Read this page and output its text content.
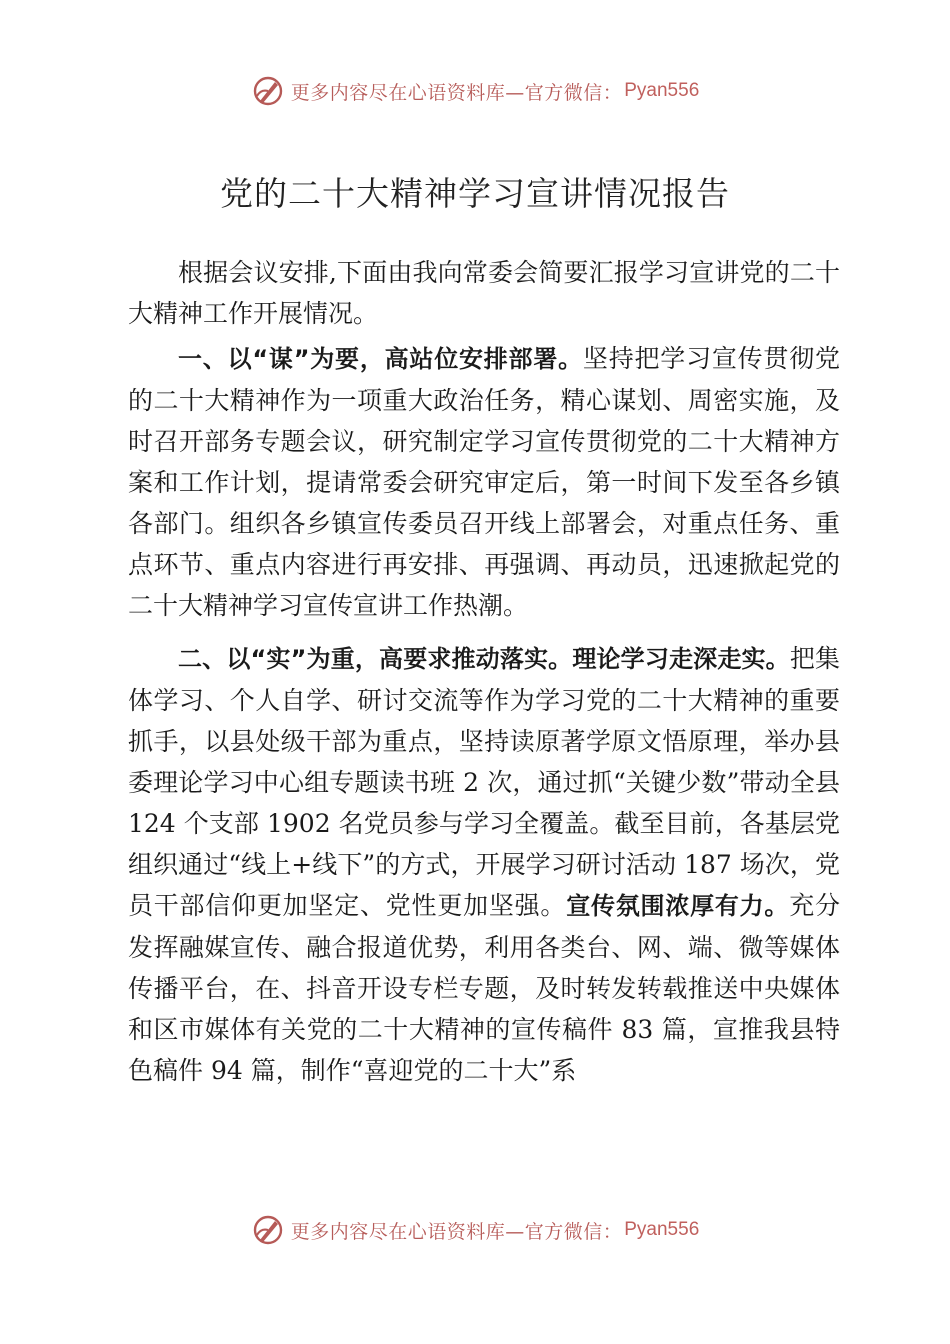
更多内容尽在心语资料库—官方微信： Pyan556
党的二十大精神学习宣讲情况报告

根据会议安排,下面由我向常委会简要汇报学习宣讲党的二十大精神工作开展情况。

一、以“谋”为要，高站位安排部署。坚持把学习宣传贯彻党的二十大精神作为一项重大政治任务，精心谋划、周密实施，及时召开部务专题会议，研究制定学习宣传贯彻党的二十大精神方案和工作计划，提请常委会研究审定后，第一时间下发至各乡镇各部门。组织各乡镇宣传委员召开线上部署会，对重点任务、重点环节、重点内容进行再安排、再强调、再动员，迅速掀起党的二十大精神学习宣传宣讲工作热潮。

二、以“实”为重，高要求推动落实。理论学习走深走实。把集体学习、个人自学、研讨交流等作为学习党的二十大精神的重要抓手，以县处级干部为重点，坚持读原著学原文悟原理，举办县委理论学习中心组专题读书班 2 次，通过抓“关键少数”带动全县 124 个支部 1902 名党员参与学习全覆盖。截至目前，各基层党组织通过“线上+线下”的方式，开展学习研讨活动 187 场次，党员干部信仰更加坚定、党性更加坚强。宣传氛围浓厚有力。充分发挥融媒宣传、融合报道优势，利用各类台、网、端、微等媒体传播平台，在、抖音开设专栏专题，及时转发转载推送中央媒体和区市媒体有关党的二十大精神的宣传稿件 83 篇，宣推我县特色稿件 94 篇，制作“喜迎党的二十大”系

更多内容尽在心语资料库—官方微信： Pyan556
